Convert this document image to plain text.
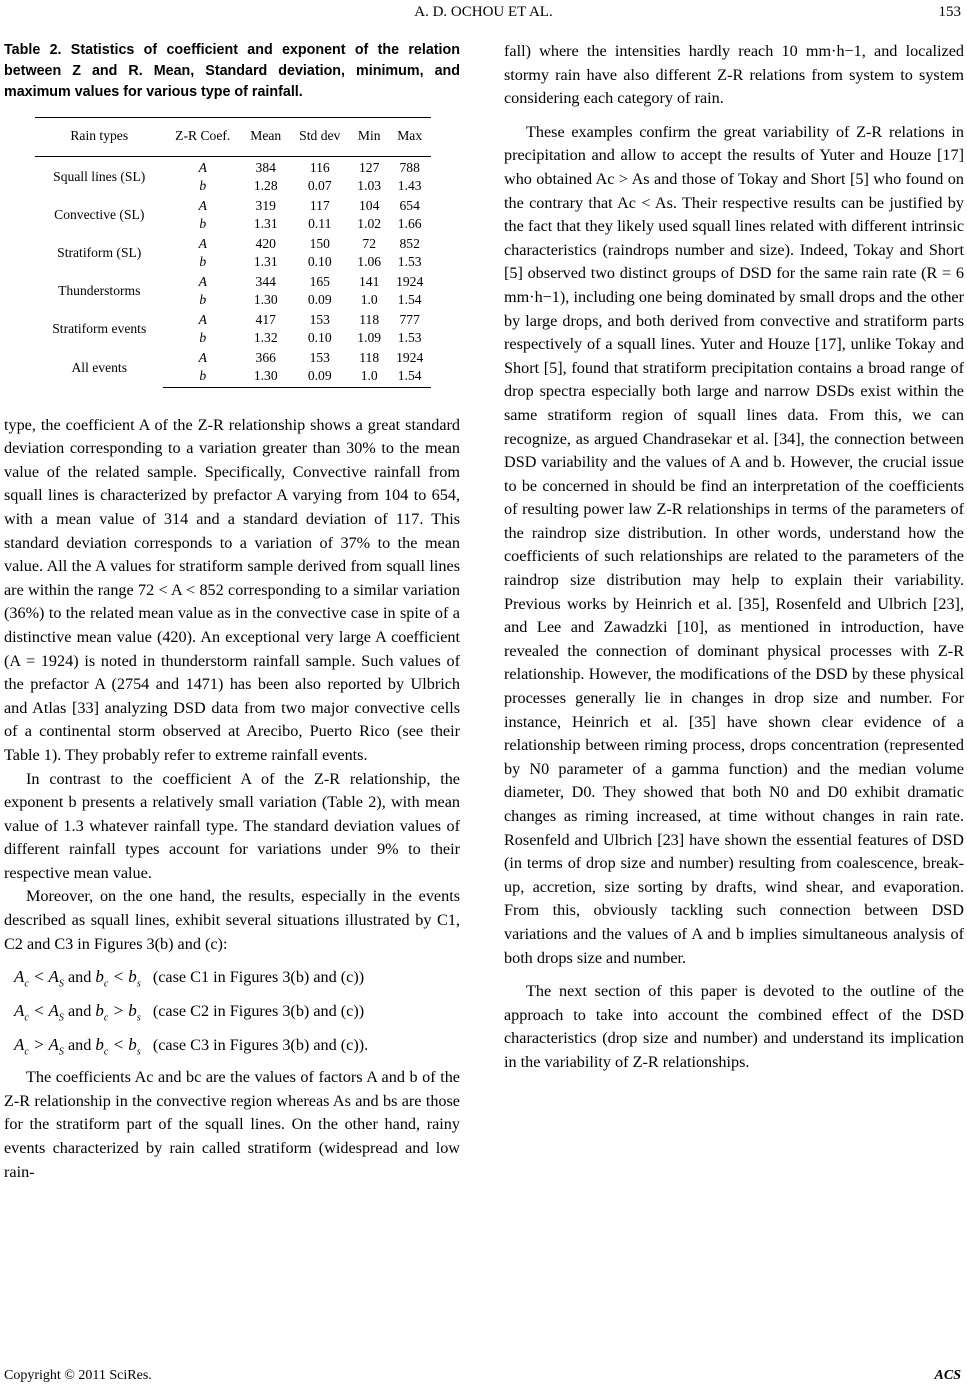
A. D. OCHOU ET AL.	153
Table 2. Statistics of coefficient and exponent of the relation between Z and R. Mean, Standard deviation, minimum, and maximum values for various type of rainfall.
Rain types	Z-R Coef.	Mean	Std dev	Min	Max
Squall lines (SL)	A	384	116	127	788
	b	1.28	0.07	1.03	1.43
Convective (SL)	A	319	117	104	654
	b	1.31	0.11	1.02	1.66
Stratiform (SL)	A	420	150	72	852
	b	1.31	0.10	1.06	1.53
Thunderstorms	A	344	165	141	1924
	b	1.30	0.09	1.0	1.54
Stratiform events	A	417	153	118	777
	b	1.32	0.10	1.09	1.53
All events	A	366	153	118	1924
	b	1.30	0.09	1.0	1.54

type, the coefficient A of the Z-R relationship shows a great standard deviation corresponding to a variation greater than 30% to the mean value of the related sample. Specifically, Convective rainfall from squall lines is characterized by prefactor A varying from 104 to 654, with a mean value of 314 and a standard deviation of 117. This standard deviation corresponds to a variation of 37% to the mean value. All the A values for stratiform sample derived from squall lines are within the range 72 < A < 852 corresponding to a similar variation (36%) to the related mean value as in the convective case in spite of a distinctive mean value (420). An exceptional very large A coefficient (A = 1924) is noted in thunderstorm rainfall sample. Such values of the prefactor A (2754 and 1471) has been also reported by Ulbrich and Atlas [33] analyzing DSD data from two major convective cells of a continental storm observed at Arecibo, Puerto Rico (see their Table 1). They probably refer to extreme rainfall events.

In contrast to the coefficient A of the Z-R relationship, the exponent b presents a relatively small variation (Table 2), with mean value of 1.3 whatever rainfall type. The standard deviation values of different rainfall types account for variations under 9% to their respective mean value.

Moreover, on the one hand, the results, especially in the events described as squall lines, exhibit several situations illustrated by C1, C2 and C3 in Figures 3(b) and (c):

$A_c < A_S$ and $b_c < b_s$ (case C1 in Figures 3(b) and (c))
$A_c < A_S$ and $b_c > b_s$ (case C2 in Figures 3(b) and (c))
$A_c > A_S$ and $b_c < b_s$ (case C3 in Figures 3(b) and (c)).

The coefficients Ac and bc are the values of factors A and b of the Z-R relationship in the convective region whereas As and bs are those for the stratiform part of the squall lines. On the other hand, rainy events characterized by rain called stratiform (widespread and low rain-

fall) where the intensities hardly reach 10 mm·h−1, and localized stormy rain have also different Z-R relations from system to system considering each category of rain.

These examples confirm the great variability of Z-R relations in precipitation and allow to accept the results of Yuter and Houze [17] who obtained Ac > As and those of Tokay and Short [5] who found on the contrary that Ac < As. Their respective results can be justified by the fact that they likely used squall lines related with different intrinsic characteristics (raindrops number and size). Indeed, Tokay and Short [5] observed two distinct groups of DSD for the same rain rate (R = 6 mm·h−1), including one being dominated by small drops and the other by large drops, and both derived from convective and stratiform parts respectively of a squall lines. Yuter and Houze [17], unlike Tokay and Short [5], found that stratiform precipitation contains a broad range of drop spectra especially both large and narrow DSDs exist within the same stratiform region of squall lines data. From this, we can recognize, as argued Chandrasekar et al. [34], the connection between DSD variability and the values of A and b. However, the crucial issue to be concerned in should be find an interpretation of the coefficients of resulting power law Z-R relationships in terms of the parameters of the raindrop size distribution. In other words, understand how the coefficients of such relationships are related to the parameters of the raindrop size distribution may help to explain their variability. Previous works by Heinrich et al. [35], Rosenfeld and Ulbrich [23], and Lee and Zawadzki [10], as mentioned in introduction, have revealed the connection of dominant physical processes with Z-R relationship. However, the modifications of the DSD by these physical processes generally lie in changes in drop size and number. For instance, Heinrich et al. [35] have shown clear evidence of a relationship between riming process, drops concentration (represented by N0 parameter of a gamma function) and the median volume diameter, D0. They showed that both N0 and D0 exhibit dramatic changes as riming increased, at time without changes in rain rate. Rosenfeld and Ulbrich [23] have shown the essential features of DSD (in terms of drop size and number) resulting from coalescence, break-up, accretion, size sorting by drafts, wind shear, and evaporation. From this, obviously tackling such connection between DSD variations and the values of A and b implies simultaneous analysis of both drops size and number.

The next section of this paper is devoted to the outline of the approach to take into account the combined effect of the DSD characteristics (drop size and number) and understand its implication in the variability of Z-R relationships.

Copyright © 2011 SciRes.	ACS
